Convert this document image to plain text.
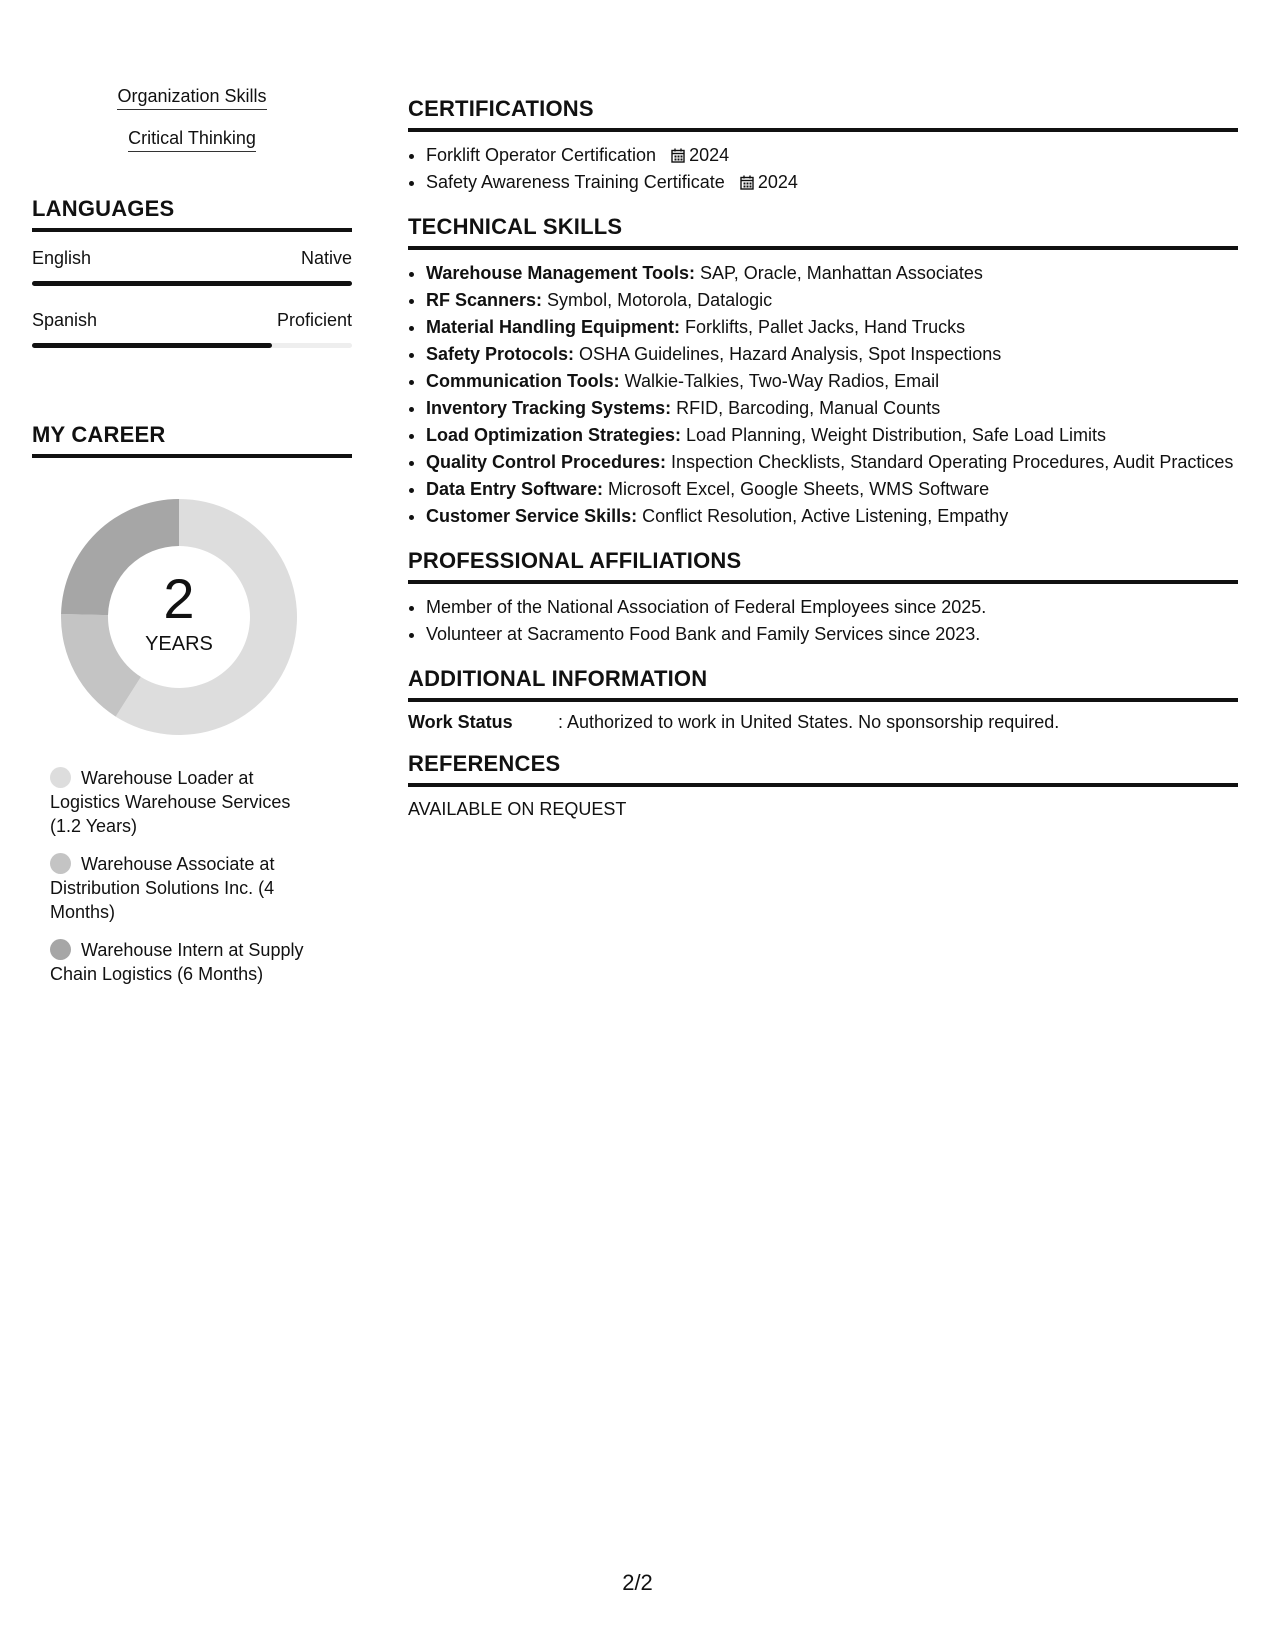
Organization Skills
Critical Thinking
LANGUAGES
English	Native
Spanish	Proficient
MY CAREER
2
YEARS
Warehouse Loader at Logistics Warehouse Services (1.2 Years)
Warehouse Associate at Distribution Solutions Inc. (4 Months)
Warehouse Intern at Supply Chain Logistics (6 Months)
CERTIFICATIONS
• Forklift Operator Certification 2024
• Safety Awareness Training Certificate 2024
TECHNICAL SKILLS
• Warehouse Management Tools: SAP, Oracle, Manhattan Associates
• RF Scanners: Symbol, Motorola, Datalogic
• Material Handling Equipment: Forklifts, Pallet Jacks, Hand Trucks
• Safety Protocols: OSHA Guidelines, Hazard Analysis, Spot Inspections
• Communication Tools: Walkie-Talkies, Two-Way Radios, Email
• Inventory Tracking Systems: RFID, Barcoding, Manual Counts
• Load Optimization Strategies: Load Planning, Weight Distribution, Safe Load Limits
• Quality Control Procedures: Inspection Checklists, Standard Operating Procedures, Audit Practices
• Data Entry Software: Microsoft Excel, Google Sheets, WMS Software
• Customer Service Skills: Conflict Resolution, Active Listening, Empathy
PROFESSIONAL AFFILIATIONS
• Member of the National Association of Federal Employees since 2025.
• Volunteer at Sacramento Food Bank and Family Services since 2023.
ADDITIONAL INFORMATION
Work Status	: Authorized to work in United States. No sponsorship required.
REFERENCES
AVAILABLE ON REQUEST
2/2
